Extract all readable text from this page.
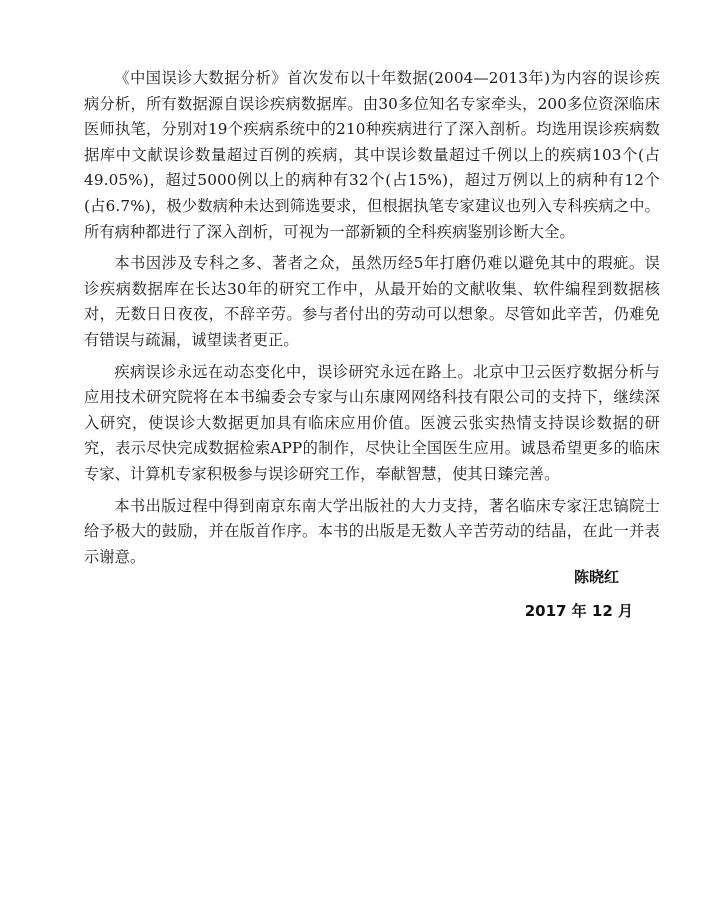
《中国误诊大数据分析》首次发布以十年数据(2004—2013年)为内容的误诊疾病分析，所有数据源自误诊疾病数据库。由30多位知名专家牵头，200多位资深临床医师执笔，分别对19个疾病系统中的210种疾病进行了深入剖析。均选用误诊疾病数据库中文献误诊数量超过百例的疾病，其中误诊数量超过千例以上的疾病103个(占49.05%)，超过5000例以上的病种有32个(占15%)，超过万例以上的病种有12个(占6.7%)，极少数病种未达到筛选要求，但根据执笔专家建议也列入专科疾病之中。所有病种都进行了深入剖析，可视为一部新颖的全科疾病鉴别诊断大全。

本书因涉及专科之多、著者之众，虽然历经5年打磨仍难以避免其中的瑕疵。误诊疾病数据库在长达30年的研究工作中，从最开始的文献收集、软件编程到数据核对，无数日日夜夜，不辞辛劳。参与者付出的劳动可以想象。尽管如此辛苦，仍难免有错误与疏漏，诚望读者更正。

疾病误诊永远在动态变化中，误诊研究永远在路上。北京中卫云医疗数据分析与应用技术研究院将在本书编委会专家与山东康网网络科技有限公司的支持下，继续深入研究，使误诊大数据更加具有临床应用价值。医渡云张实热情支持误诊数据的研究，表示尽快完成数据检索APP的制作，尽快让全国医生应用。诚恳希望更多的临床专家、计算机专家积极参与误诊研究工作，奉献智慧，使其日臻完善。

本书出版过程中得到南京东南大学出版社的大力支持，著名临床专家汪忠镐院士给予极大的鼓励，并在版首作序。本书的出版是无数人辛苦劳动的结晶，在此一并表示谢意。

陈晓红
2017 年 12 月
